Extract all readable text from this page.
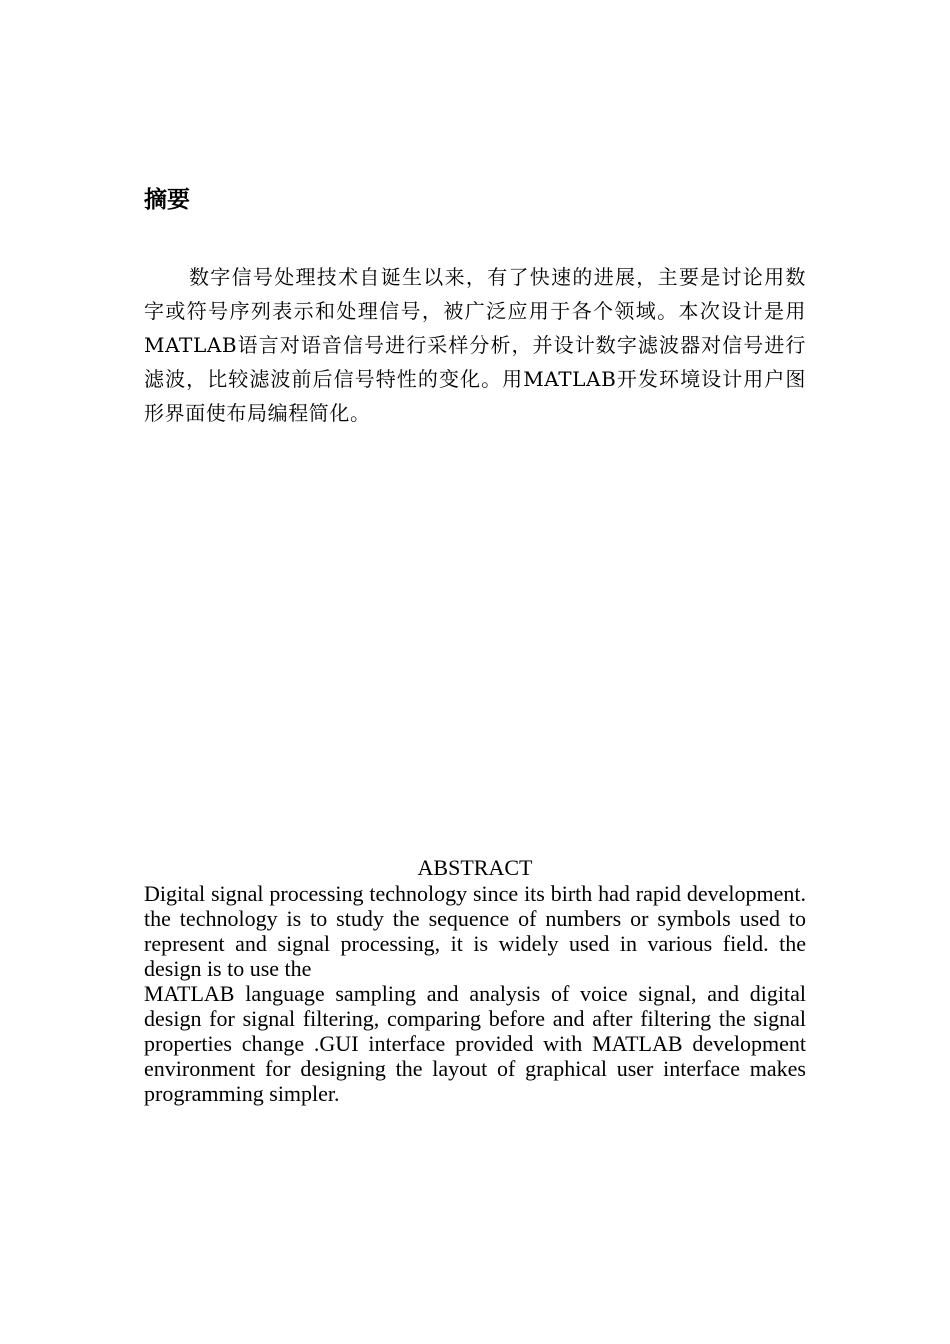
摘要

数字信号处理技术自诞生以来，有了快速的进展，主要是讨论用数字或符号序列表示和处理信号，被广泛应用于各个领域。本次设计是用MATLAB语言对语音信号进行采样分析，并设计数字滤波器对信号进行滤波，比较滤波前后信号特性的变化。用MATLAB开发环境设计用户图形界面使布局编程简化。

ABSTRACT

Digital signal processing technology since its birth had rapid development. the technology is to study the sequence of numbers or symbols used to represent and signal processing, it is widely used in various field. the design is to use the

MATLAB language sampling and analysis of voice signal, and digital design for signal filtering, comparing before and after filtering the signal properties change .GUI interface provided with MATLAB development environment for designing the layout of graphical user interface makes programming simpler.
